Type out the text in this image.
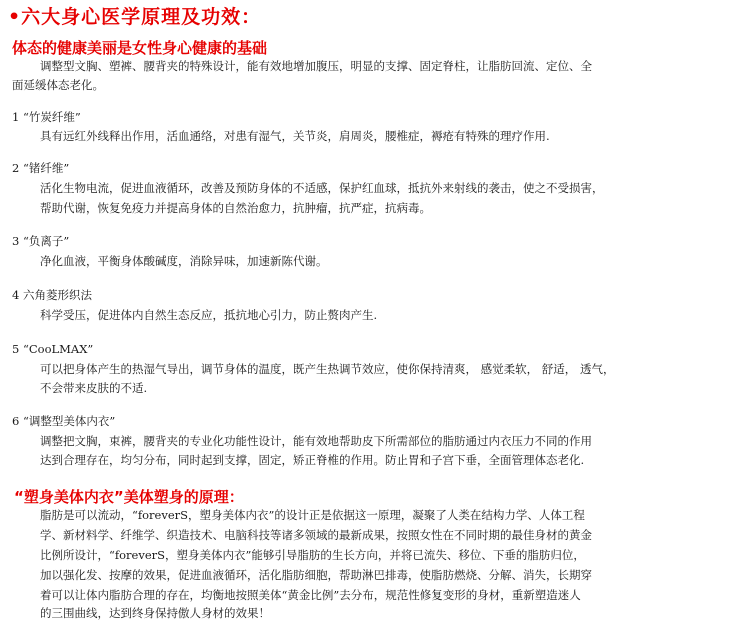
•六大身心医学原理及功效：
体态的健康美丽是女性身心健康的基础
调整型文胸、塑裤、腰背夹的特殊设计，能有效地增加腹压，明显的支撑、固定脊柱，让脂肪回流、定位、全
面延缓体态老化。
1 “竹炭纤维”
具有远红外线释出作用，活血通络，对患有湿气，关节炎，肩周炎，腰椎症，褥疮有特殊的理疗作用.
2 “锗纤维”
活化生物电流，促进血液循环，改善及预防身体的不适感，保护红血球，抵抗外来射线的袭击，使之不受损害，
帮助代谢，恢复免疫力并提高身体的自然治愈力，抗肿瘤，抗严症，抗病毒。
3 “负离子”
净化血液，平衡身体酸碱度，消除异味，加速新陈代谢。
4 六角菱形织法
科学受压，促进体内自然生态反应，抵抗地心引力，防止赘肉产生.
5 “CooLMAX”
可以把身体产生的热湿气导出，调节身体的温度，既产生热调节效应，使你保持清爽， 感觉柔软， 舒适， 透气，
不会带来皮肤的不适.
6 “调整型美体内衣”
调整把文胸，束裤，腰背夹的专业化功能性设计，能有效地帮助皮下所需部位的脂肪通过内衣压力不同的作用
达到合理存在，均匀分布，同时起到支撑，固定，矫正脊椎的作用。防止胃和子宫下垂，全面管理体态老化.
“塑身美体内衣”美体塑身的原理：
脂肪是可以流动，“foreverS，塑身美体内衣”的设计正是依据这一原理，凝聚了人类在结构力学、人体工程
学、新材料学、纤维学、织造技术、电脑科技等诸多领域的最新成果，按照女性在不同时期的最佳身材的黄金
比例所设计，“foreverS，塑身美体内衣”能够引导脂肪的生长方向，并将已流失、移位、下垂的脂肪归位，
加以强化发、按摩的效果，促进血液循环，活化脂肪细胞，帮助淋巴排毒，使脂肪燃烧、分解、消失，长期穿
着可以让体内脂肪合理的存在，均衡地按照美体“黄金比例”去分布，规范性修复变形的身材，重新塑造迷人
的三围曲线，达到终身保持傲人身材的效果！
